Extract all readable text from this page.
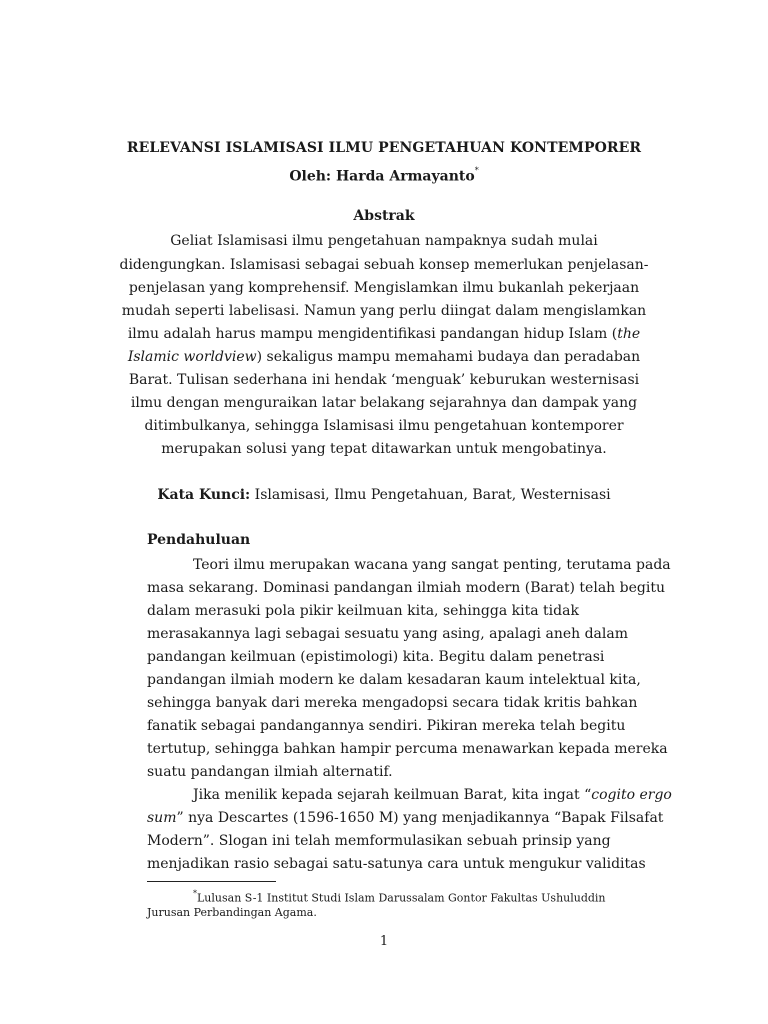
RELEVANSI ISLAMISASI ILMU PENGETAHUAN KONTEMPORER
Oleh: Harda Armayanto*
Abstrak
Geliat Islamisasi ilmu pengetahuan nampaknya sudah mulai
didengungkan. Islamisasi sebagai sebuah konsep memerlukan penjelasan-
penjelasan yang komprehensif. Mengislamkan ilmu bukanlah pekerjaan
mudah seperti labelisasi. Namun yang perlu diingat dalam mengislamkan
ilmu adalah harus mampu mengidentifikasi pandangan hidup Islam (the
Islamic worldview) sekaligus mampu memahami budaya dan peradaban
Barat. Tulisan sederhana ini hendak ‘menguak’ keburukan westernisasi
ilmu dengan menguraikan latar belakang sejarahnya dan dampak yang
ditimbulkanya, sehingga Islamisasi ilmu pengetahuan kontemporer
merupakan solusi yang tepat ditawarkan untuk mengobatinya.
Kata Kunci: Islamisasi, Ilmu Pengetahuan, Barat, Westernisasi
Pendahuluan
Teori ilmu merupakan wacana yang sangat penting, terutama pada
masa sekarang. Dominasi pandangan ilmiah modern (Barat) telah begitu
dalam merasuki pola pikir keilmuan kita, sehingga kita tidak
merasakannya lagi sebagai sesuatu yang asing, apalagi aneh dalam
pandangan keilmuan (epistimologi) kita. Begitu dalam penetrasi
pandangan ilmiah modern ke dalam kesadaran kaum intelektual kita,
sehingga banyak dari mereka mengadopsi secara tidak kritis bahkan
fanatik sebagai pandangannya sendiri. Pikiran mereka telah begitu
tertutup, sehingga bahkan hampir percuma menawarkan kepada mereka
suatu pandangan ilmiah alternatif.
Jika menilik kepada sejarah keilmuan Barat, kita ingat “cogito ergo
sum” nya Descartes (1596-1650 M) yang menjadikannya “Bapak Filsafat
Modern”. Slogan ini telah memformulasikan sebuah prinsip yang
menjadikan rasio sebagai satu-satunya cara untuk mengukur validitas
*Lulusan S-1 Institut Studi Islam Darussalam Gontor Fakultas Ushuluddin
Jurusan Perbandingan Agama.
1
